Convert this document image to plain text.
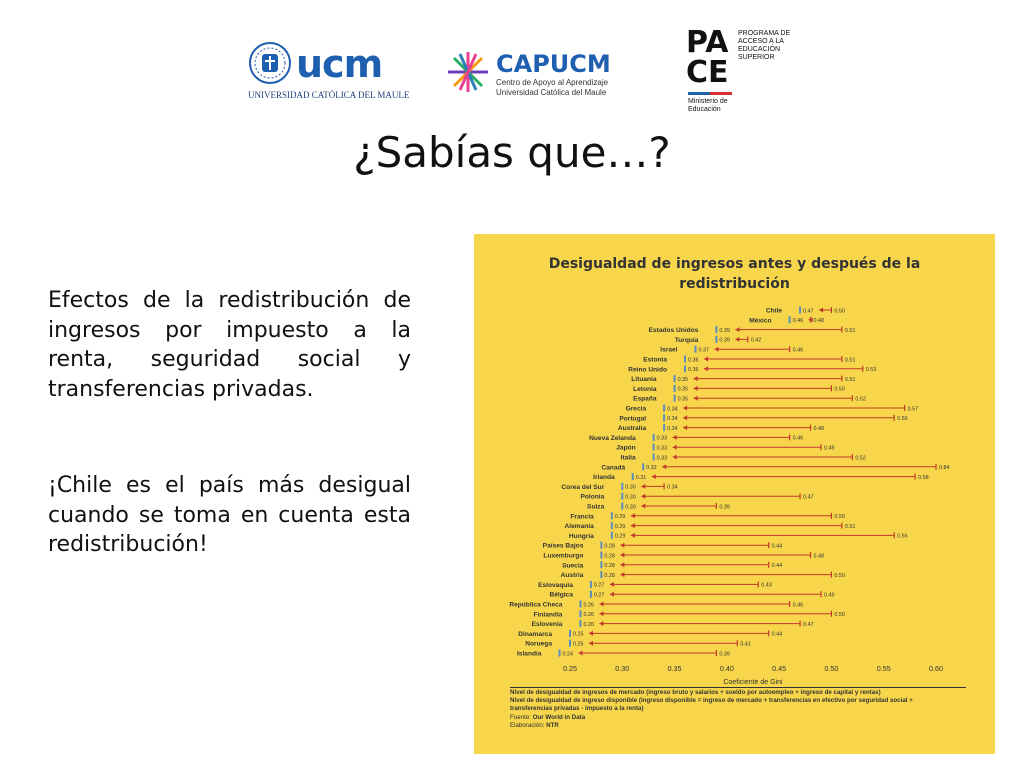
ucm
UNIVERSIDAD CATÓLICA DEL MAULE
CAPUCM
Centro de Apoyo al Aprendizaje
Universidad Católica del Maule
PA
CE
PROGRAMA DE ACCESO A LA EDUCACIÓN SUPERIOR
Ministerio de Educación
¿Sabías que…?
Efectos de la redistribución de ingresos por impuesto a la renta, seguridad social y transferencias privadas.
¡Chile es el país más desigual cuando se toma en cuenta esta redistribución!
Desigualdad de ingresos antes y después de la
redistribución
Chile	0.47	0.50
México	0.46 0.48
Estados Unidos	0.39	0.51
Turquía	0.39	0.42
Israel	0.37	0.46
Estonia	0.36	0.51
Reino Unido	0.36	0.53
Lituania	0.35	0.51
Letonia	0.35	0.50
España	0.35	0.52
Grecia	0.34	0.57
Portugal	0.34	0.56
Australia	0.34	0.48
Nueva Zelanda	0.33	0.46
Japón	0.33	0.49
Italia	0.33	0.52
Canadá	0.32	0.84
Irlanda	0.31	0.58
Corea del Sur	0.30	0.34
Polonia	0.30	0.47
Suiza	0.30	0.39
Francia	0.29	0.50
Alemania	0.29	0.51
Hungría	0.29	0.56
Países Bajos	0.28	0.44
Luxemburgo	0.28	0.48
Suecia	0.28	0.44
Austria	0.28	0.50
Eslovaquia	0.27	0.43
Bélgica	0.27	0.49
República Checa	0.26	0.46
Finlandia	0.26	0.50
Eslovenia	0.26	0.47
Dinamarca	0.25	0.44
Noruega	0.25	0.41
Islandia	0.24	0.39
0.25	0.30	0.35	0.40	0.45	0.50	0.55	0.60
Coeficiente de Gini
Nivel de desigualdad de ingresos de mercado (ingreso bruto y salarios + sueldo por autoempleo + ingreso de capital y rentas)
Nivel de desigualdad de ingreso disponible (ingreso disponible = ingreso de mercado + transferencias en efectivo por seguridad social +
transferencias privadas - impuesto a la renta)
Fuente: Our World in Data
Elaboración: NTR
